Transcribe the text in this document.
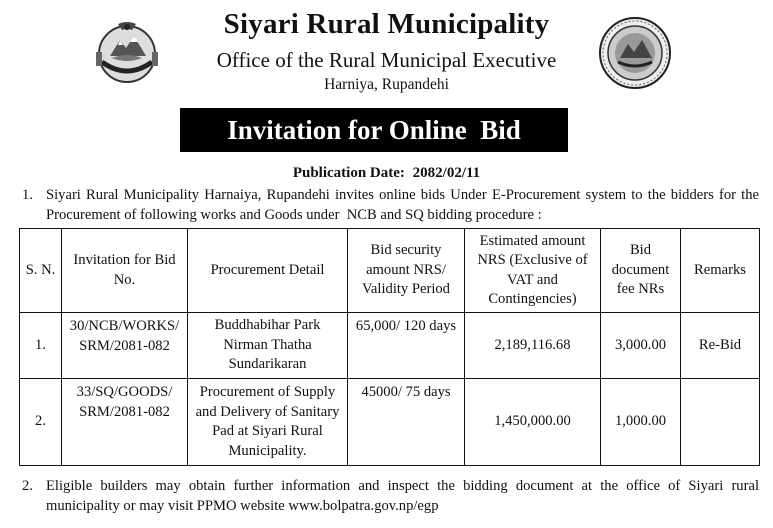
Siyari Rural Municipality
Office of the Rural Municipal Executive
Harniya, Rupandehi
Invitation for Online  Bid
Publication Date: 2082/02/11
1. Siyari Rural Municipality Harnaiya, Rupandehi invites online bids Under E-Procurement system to the bidders for the Procurement of following works and Goods under  NCB and SQ bidding procedure :
S. N.	Invitation for Bid No.	Procurement Detail	Bid security amount NRS/ Validity Period	Estimated amount NRS (Exclusive of VAT and Contingencies)	Bid document fee NRs	Remarks
1.	30/NCB/WORKS/ SRM/2081-082	Buddhabihar Park Nirman Thatha Sundarikaran	65,000/ 120 days	2,189,116.68	3,000.00	Re-Bid
2.	33/SQ/GOODS/ SRM/2081-082	Procurement of Supply and Delivery of Sanitary Pad at Siyari Rural Municipality.	45000/ 75 days	1,450,000.00	1,000.00	
2. Eligible builders may obtain further information and inspect the bidding document at the office of Siyari rural municipality or may visit PPMO website www.bolpatra.gov.np/egp
